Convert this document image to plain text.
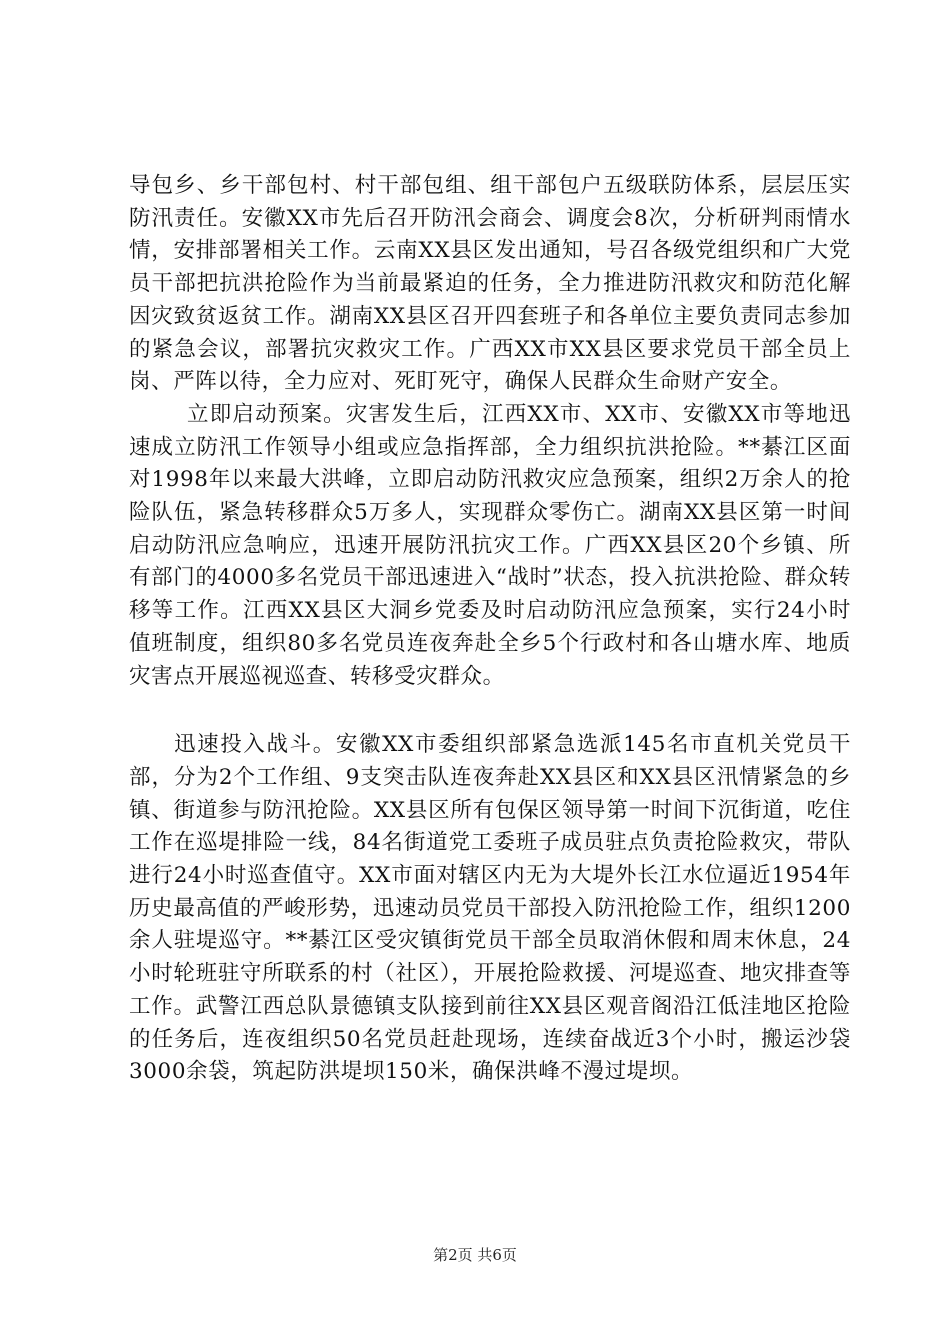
导包乡、乡干部包村、村干部包组、组干部包户五级联防体系，层层压实防汛责任。安徽XX市先后召开防汛会商会、调度会8次，分析研判雨情水情，安排部署相关工作。云南XX县区发出通知，号召各级党组织和广大党员干部把抗洪抢险作为当前最紧迫的任务，全力推进防汛救灾和防范化解因灾致贫返贫工作。湖南XX县区召开四套班子和各单位主要负责同志参加的紧急会议，部署抗灾救灾工作。广西XX市XX县区要求党员干部全员上岗、严阵以待，全力应对、死盯死守，确保人民群众生命财产安全。

立即启动预案。灾害发生后，江西XX市、XX市、安徽XX市等地迅速成立防汛工作领导小组或应急指挥部，全力组织抗洪抢险。**綦江区面对1998年以来最大洪峰，立即启动防汛救灾应急预案，组织2万余人的抢险队伍，紧急转移群众5万多人，实现群众零伤亡。湖南XX县区第一时间启动防汛应急响应，迅速开展防汛抗灾工作。广西XX县区20个乡镇、所有部门的4000多名党员干部迅速进入“战时”状态，投入抗洪抢险、群众转移等工作。江西XX县区大洞乡党委及时启动防汛应急预案，实行24小时值班制度，组织80多名党员连夜奔赴全乡5个行政村和各山塘水库、地质灾害点开展巡视巡查、转移受灾群众。

迅速投入战斗。安徽XX市委组织部紧急选派145名市直机关党员干部，分为2个工作组、9支突击队连夜奔赴XX县区和XX县区汛情紧急的乡镇、街道参与防汛抢险。XX县区所有包保区领导第一时间下沉街道，吃住工作在巡堤排险一线，84名街道党工委班子成员驻点负责抢险救灾，带队进行24小时巡查值守。XX市面对辖区内无为大堤外长江水位逼近1954年历史最高值的严峻形势，迅速动员党员干部投入防汛抢险工作，组织1200余人驻堤巡守。**綦江区受灾镇街党员干部全员取消休假和周末休息，24小时轮班驻守所联系的村（社区），开展抢险救援、河堤巡查、地灾排查等工作。武警江西总队景德镇支队接到前往XX县区观音阁沿江低洼地区抢险的任务后，连夜组织50名党员赶赴现场，连续奋战近3个小时，搬运沙袋3000余袋，筑起防洪堤坝150米，确保洪峰不漫过堤坝。

第2页 共6页
